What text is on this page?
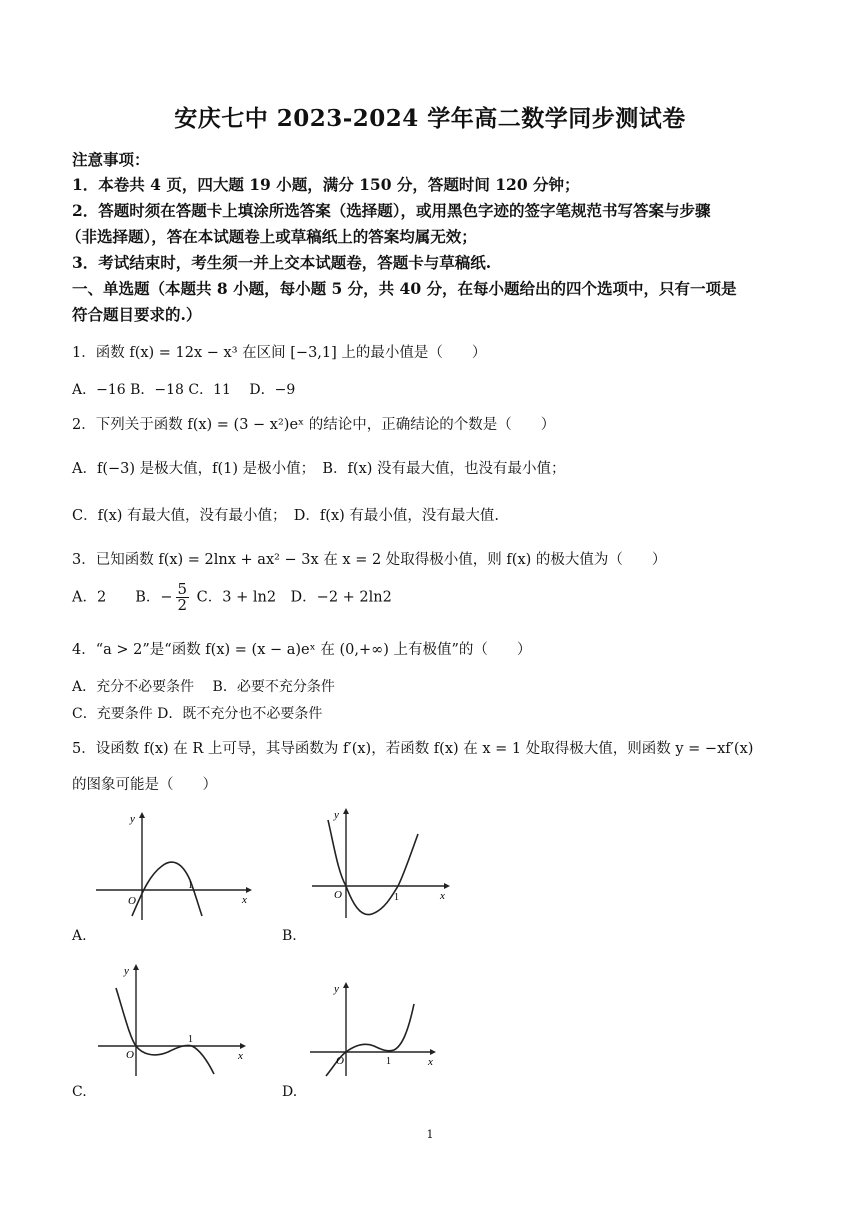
安庆七中 2023-2024 学年高二数学同步测试卷
注意事项：
1．本卷共 4 页，四大题 19 小题，满分 150 分，答题时间 120 分钟；
2．答题时须在答题卡上填涂所选答案（选择题），或用黑色字迹的签字笔规范书写答案与步骤
（非选择题），答在本试题卷上或草稿纸上的答案均属无效；
3．考试结束时，考生须一并上交本试题卷，答题卡与草稿纸.
一、单选题（本题共 8 小题，每小题 5 分，共 40 分，在每小题给出的四个选项中，只有一项是
符合题目要求的.）
1．函数 f(x) = 12x − x³ 在区间 [−3,1] 上的最小值是（　　）
A．−16 B．−18 C．11　 D．−9
2．下列关于函数 f(x) = (3 − x²)eˣ 的结论中，正确结论的个数是（　　）
A．f(−3) 是极大值，f(1) 是极小值；　B．f(x) 没有最大值，也没有最小值；
C．f(x) 有最大值，没有最小值；　D．f(x) 有最小值，没有最大值.
3．已知函数 f(x) = 2lnx + ax² − 3x 在 x = 2 处取得极小值，则 f(x) 的极大值为（　　）
A．2　　B．− $\frac{5}{2}$ C．3 + ln2　D．−2 + 2ln2
4．“a > 2”是“函数 f(x) = (x − a)eˣ 在 (0,+∞) 上有极值”的（　　）
A．充分不必要条件　 B．必要不充分条件
C．充要条件 D．既不充分也不必要条件
5．设函数 f(x) 在 R 上可导，其导函数为 f′(x)，若函数 f(x) 在 x = 1 处取得极大值，则函数 y = −xf′(x)
的图象可能是（　　）
x
y
O
1
A.
x
y
O	1
B.
x
y
O
1
C.
x
y
O	1
D.
1
